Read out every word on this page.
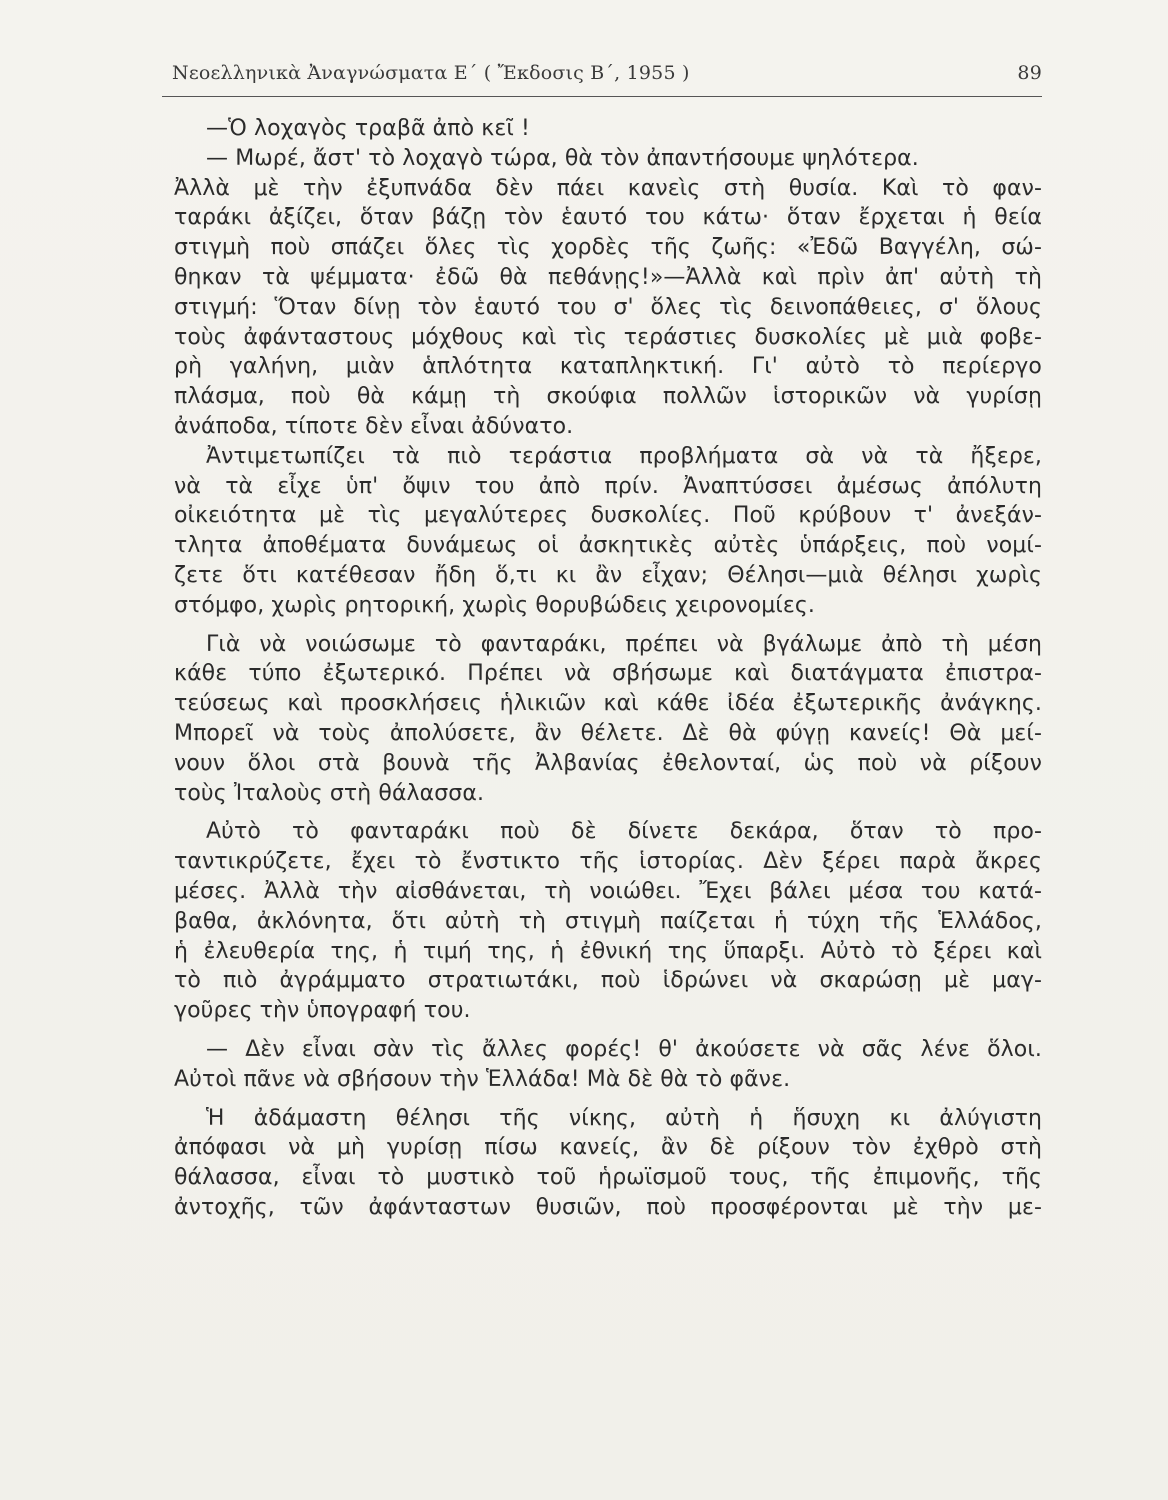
Νεοελληνικὰ Ἀναγνώσματα Ε΄ ( Ἔκδοσις Β΄, 1955 )	89
—Ὁ λοχαγὸς τραβᾶ ἀπὸ κεῖ !
— Μωρέ, ἄστ' τὸ λοχαγὸ τώρα, θὰ τὸν ἀπαντήσουμε ψηλότερα.
Ἀλλὰ μὲ τὴν ἐξυπνάδα δὲν πάει κανεὶς στὴ θυσία. Καὶ τὸ φαν-
ταράκι ἀξίζει, ὅταν βάζῃ τὸν ἑαυτό του κάτω· ὅταν ἔρχεται ἡ θεία
στιγμὴ ποὺ σπάζει ὅλες τὶς χορδὲς τῆς ζωῆς: «Ἐδῶ Βαγγέλη, σώ-
θηκαν τὰ ψέμματα· ἐδῶ θὰ πεθάνῃς!»—Ἀλλὰ καὶ πρὶν ἀπ' αὐτὴ τὴ
στιγμή: Ὅταν δίνῃ τὸν ἑαυτό του σ' ὅλες τὶς δεινοπάθειες, σ' ὅλους
τοὺς ἀφάνταστους μόχθους καὶ τὶς τεράστιες δυσκολίες μὲ μιὰ φοβε-
ρὴ γαλήνη, μιὰν ἁπλότητα καταπληκτική. Γι' αὐτὸ τὸ περίεργο
πλάσμα, ποὺ θὰ κάμῃ τὴ σκούφια πολλῶν ἱστορικῶν νὰ γυρίσῃ
ἀνάποδα, τίποτε δὲν εἶναι ἀδύνατο.
Ἀντιμετωπίζει τὰ πιὸ τεράστια προβλήματα σὰ νὰ τὰ ἤξερε,
νὰ τὰ εἶχε ὑπ' ὄψιν του ἀπὸ πρίν. Ἀναπτύσσει ἀμέσως ἀπόλυτη
οἰκειότητα μὲ τὶς μεγαλύτερες δυσκολίες. Ποῦ κρύβουν τ' ἀνεξάν-
τλητα ἀποθέματα δυνάμεως οἱ ἀσκητικὲς αὐτὲς ὑπάρξεις, ποὺ νομί-
ζετε ὅτι κατέθεσαν ἤδη ὅ,τι κι ἂν εἶχαν; Θέλησι—μιὰ θέλησι χωρὶς
στόμφο, χωρὶς ρητορική, χωρὶς θορυβώδεις χειρονομίες.
Γιὰ νὰ νοιώσωμε τὸ φανταράκι, πρέπει νὰ βγάλωμε ἀπὸ τὴ μέση
κάθε τύπο ἐξωτερικό. Πρέπει νὰ σβήσωμε καὶ διατάγματα ἐπιστρα-
τεύσεως καὶ προσκλήσεις ἡλικιῶν καὶ κάθε ἰδέα ἐξωτερικῆς ἀνάγκης.
Μπορεῖ νὰ τοὺς ἀπολύσετε, ἂν θέλετε. Δὲ θὰ φύγῃ κανείς! Θὰ μεί-
νουν ὅλοι στὰ βουνὰ τῆς Ἀλβανίας ἐθελονταί, ὡς ποὺ νὰ ρίξουν
τοὺς Ἰταλοὺς στὴ θάλασσα.
Αὐτὸ τὸ φανταράκι ποὺ δὲ δίνετε δεκάρα, ὅταν τὸ προ-
ταντικρύζετε, ἔχει τὸ ἔνστικτο τῆς ἱστορίας. Δὲν ξέρει παρὰ ἄκρες
μέσες. Ἀλλὰ τὴν αἰσθάνεται, τὴ νοιώθει. Ἔχει βάλει μέσα του κατά-
βαθα, ἀκλόνητα, ὅτι αὐτὴ τὴ στιγμὴ παίζεται ἡ τύχη τῆς Ἑλλάδος,
ἡ ἐλευθερία της, ἡ τιμή της, ἡ ἐθνική της ὕπαρξι. Αὐτὸ τὸ ξέρει καὶ
τὸ πιὸ ἀγράμματο στρατιωτάκι, ποὺ ἱδρώνει νὰ σκαρώσῃ μὲ μαγ-
γοῦρες τὴν ὑπογραφή του.
— Δὲν εἶναι σὰν τὶς ἄλλες φορές! θ' ἀκούσετε νὰ σᾶς λένε ὅλοι.
Αὐτοὶ πᾶνε νὰ σβήσουν τὴν Ἑλλάδα! Μὰ δὲ θὰ τὸ φᾶνε.
Ἡ ἀδάμαστη θέλησι τῆς νίκης, αὐτὴ ἡ ἥσυχη κι ἀλύγιστη
ἀπόφασι νὰ μὴ γυρίσῃ πίσω κανείς, ἂν δὲ ρίξουν τὸν ἐχθρὸ στὴ
θάλασσα, εἶναι τὸ μυστικὸ τοῦ ἡρωϊσμοῦ τους, τῆς ἐπιμονῆς, τῆς
ἀντοχῆς, τῶν ἀφάνταστων θυσιῶν, ποὺ προσφέρονται μὲ τὴν με-
